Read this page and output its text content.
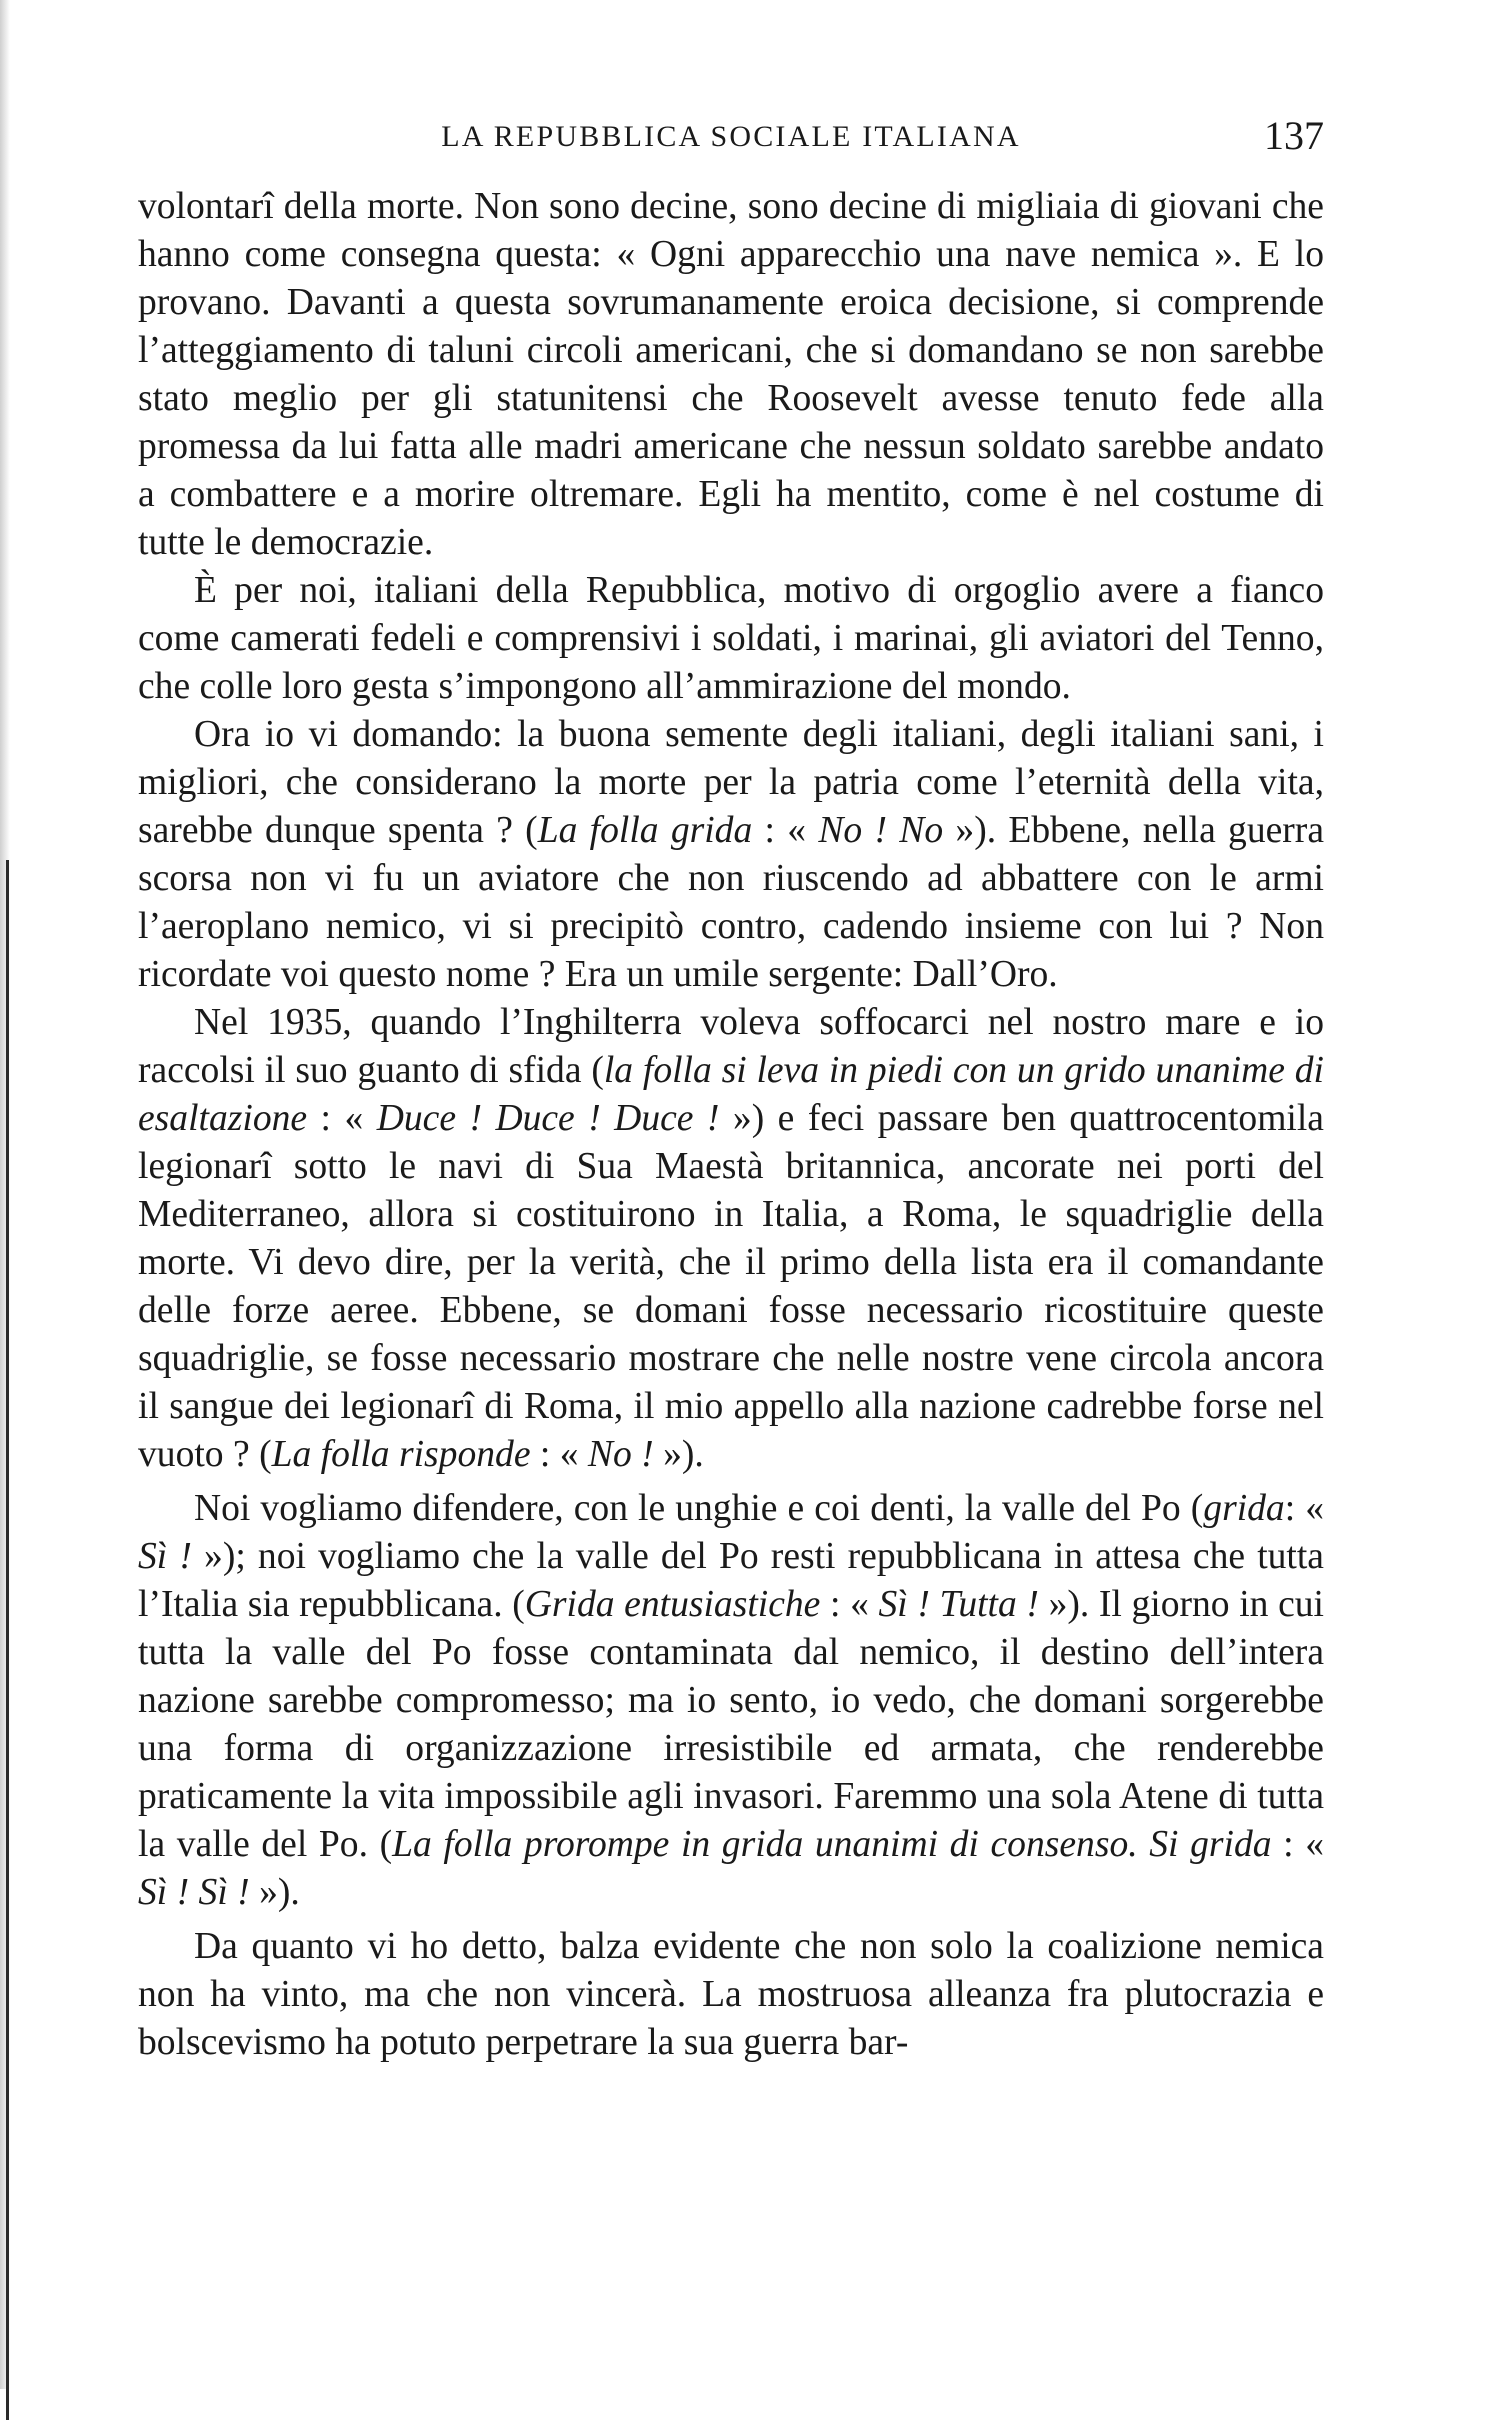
LA REPUBBLICA SOCIALE ITALIANA	137

volontarî della morte. Non sono decine, sono decine di migliaia di giovani che hanno come consegna questa: « Ogni apparecchio una nave nemica ». E lo provano. Davanti a questa sovrumanamente eroica decisione, si comprende l’atteggiamento di taluni circoli americani, che si domandano se non sarebbe stato meglio per gli statunitensi che Roosevelt avesse tenuto fede alla promessa da lui fatta alle madri americane che nessun soldato sarebbe andato a combattere e a morire oltremare. Egli ha mentito, come è nel costume di tutte le democrazie.

È per noi, italiani della Repubblica, motivo di orgoglio avere a fianco come camerati fedeli e comprensivi i soldati, i marinai, gli aviatori del Tenno, che colle loro gesta s’impongono all’ammirazione del mondo.

Ora io vi domando: la buona semente degli italiani, degli italiani sani, i migliori, che considerano la morte per la patria come l’eternità della vita, sarebbe dunque spenta ? (La folla grida : « No ! No »). Ebbene, nella guerra scorsa non vi fu un aviatore che non riuscendo ad abbattere con le armi l’aeroplano nemico, vi si precipitò contro, cadendo insieme con lui ? Non ricordate voi questo nome ? Era un umile sergente: Dall’Oro.

Nel 1935, quando l’Inghilterra voleva soffocarci nel nostro mare e io raccolsi il suo guanto di sfida (la folla si leva in piedi con un grido unanime di esaltazione : « Duce ! Duce ! Duce ! ») e feci passare ben quattrocentomila legionarî sotto le navi di Sua Maestà britannica, ancorate nei porti del Mediterraneo, allora si costituirono in Italia, a Roma, le squadriglie della morte. Vi devo dire, per la verità, che il primo della lista era il comandante delle forze aeree. Ebbene, se domani fosse necessario ricostituire queste squadriglie, se fosse necessario mostrare che nelle nostre vene circola ancora il sangue dei legionarî di Roma, il mio appello alla nazione cadrebbe forse nel vuoto ? (La folla risponde : « No ! »).

Noi vogliamo difendere, con le unghie e coi denti, la valle del Po (grida: « Sì ! »); noi vogliamo che la valle del Po resti repubblicana in attesa che tutta l’Italia sia repubblicana. (Grida entusiastiche : « Sì ! Tutta ! »). Il giorno in cui tutta la valle del Po fosse contaminata dal nemico, il destino dell’intera nazione sarebbe compromesso; ma io sento, io vedo, che domani sorgerebbe una forma di organizzazione irresistibile ed armata, che renderebbe praticamente la vita impossibile agli invasori. Faremmo una sola Atene di tutta la valle del Po. (La folla prorompe in grida unanimi di consenso. Si grida : « Sì ! Sì ! »).

Da quanto vi ho detto, balza evidente che non solo la coalizione nemica non ha vinto, ma che non vincerà. La mostruosa alleanza fra plutocrazia e bolscevismo ha potuto perpetrare la sua guerra bar-
